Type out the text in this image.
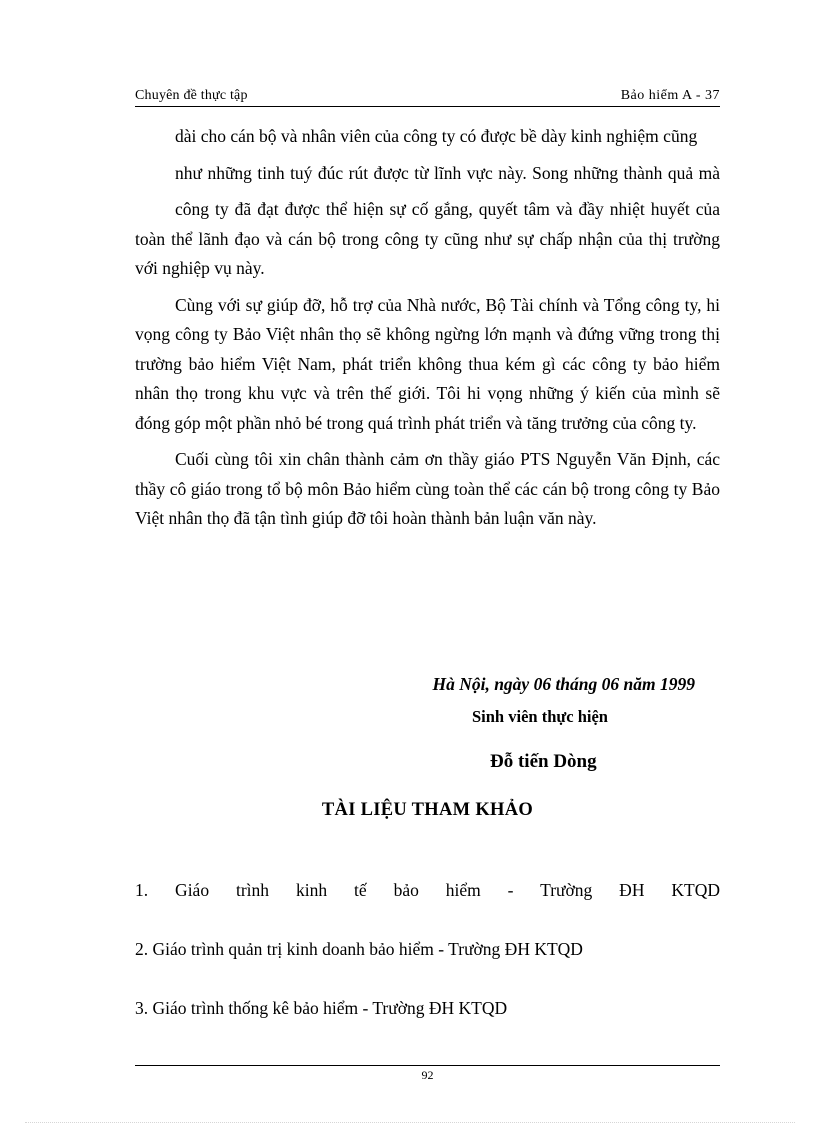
Chuyên đề thực tập	Bảo hiểm A - 37

dài cho cán bộ và nhân viên của công ty có được bề dày kinh nghiệm cũng

như những tinh tuý đúc rút được từ lĩnh vực này. Song những thành quả mà

công ty đã đạt được thể hiện sự cố gắng, quyết tâm và đầy nhiệt huyết của toàn thể lãnh đạo và cán bộ trong công ty cũng như sự chấp nhận của thị trường với nghiệp vụ này.

Cùng với sự giúp đỡ, hỗ trợ của Nhà nước, Bộ Tài chính và Tổng công ty, hi vọng công ty Bảo Việt nhân thọ sẽ không ngừng lớn mạnh và đứng vững trong thị trường bảo hiểm Việt Nam, phát triển không thua kém gì các công ty bảo hiểm nhân thọ trong khu vực và trên thế giới. Tôi hi vọng những ý kiến của mình sẽ đóng góp một phần nhỏ bé trong quá trình phát triển và tăng trưởng của công ty.

Cuối cùng tôi xin chân thành cảm ơn thầy giáo PTS Nguyễn Văn Định, các thầy cô giáo trong tổ bộ môn Bảo hiểm cùng toàn thể các cán bộ trong công ty Bảo Việt nhân thọ đã tận tình giúp đỡ tôi hoàn thành bản luận văn này.

Hà Nội, ngày 06 tháng 06 năm 1999
Sinh viên thực hiện
Đỗ tiến Dòng
TÀI LIỆU THAM KHẢO
1. Giáo trình kinh tế bảo hiểm - Trường ĐH KTQD
2. Giáo trình quản trị kinh doanh bảo hiểm - Trường ĐH KTQD
3. Giáo trình thống kê bảo hiểm - Trường ĐH KTQD
92
